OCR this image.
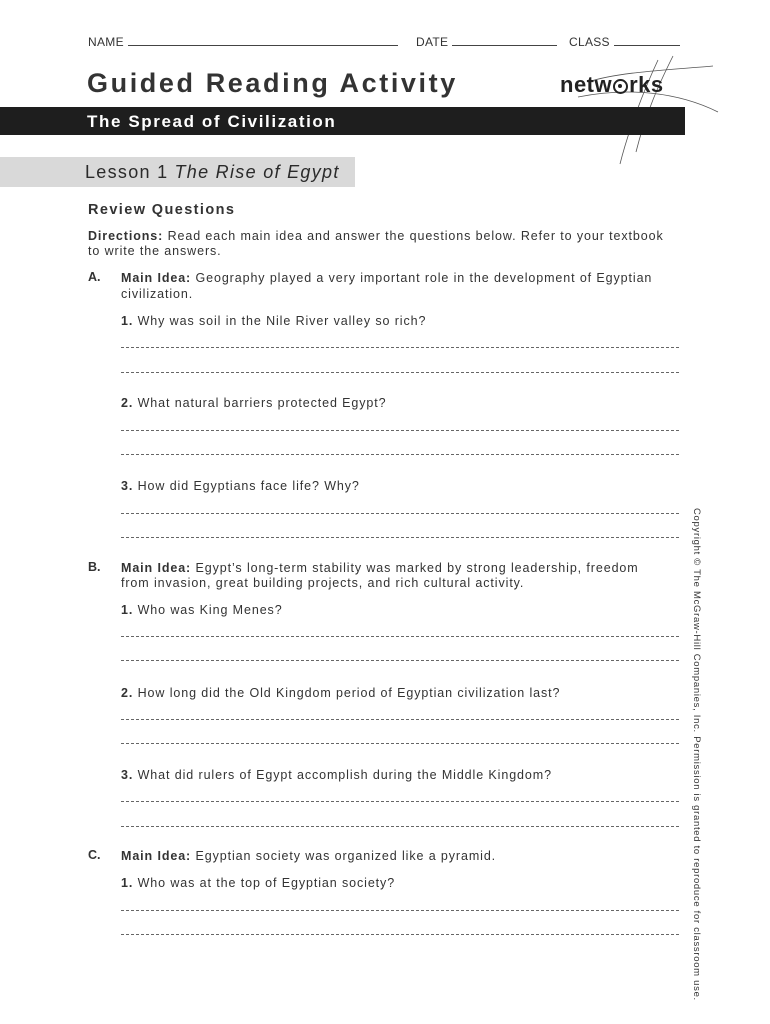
NAME	DATE	CLASS
Guided Reading Activity	netw rks
The Spread of Civilization
Lesson 1 The Rise of Egypt
Review Questions
Directions: Read each main idea and answer the questions below. Refer to your textbook
to write the answers.
A. Main Idea: Geography played a very important role in the development of Egyptian
civilization.
1. Why was soil in the Nile River valley so rich?
2. What natural barriers protected Egypt?
3. How did Egyptians face life? Why?
B. Main Idea: Egypt’s long-term stability was marked by strong leadership, freedom
from invasion, great building projects, and rich cultural activity.
1. Who was King Menes?
2. How long did the Old Kingdom period of Egyptian civilization last?
3. What did rulers of Egypt accomplish during the Middle Kingdom?
C. Main Idea: Egyptian society was organized like a pyramid.
1. Who was at the top of Egyptian society?	Copyright © The McGraw-Hill Companies, Inc. Permission is granted to reproduce for classroom use.
